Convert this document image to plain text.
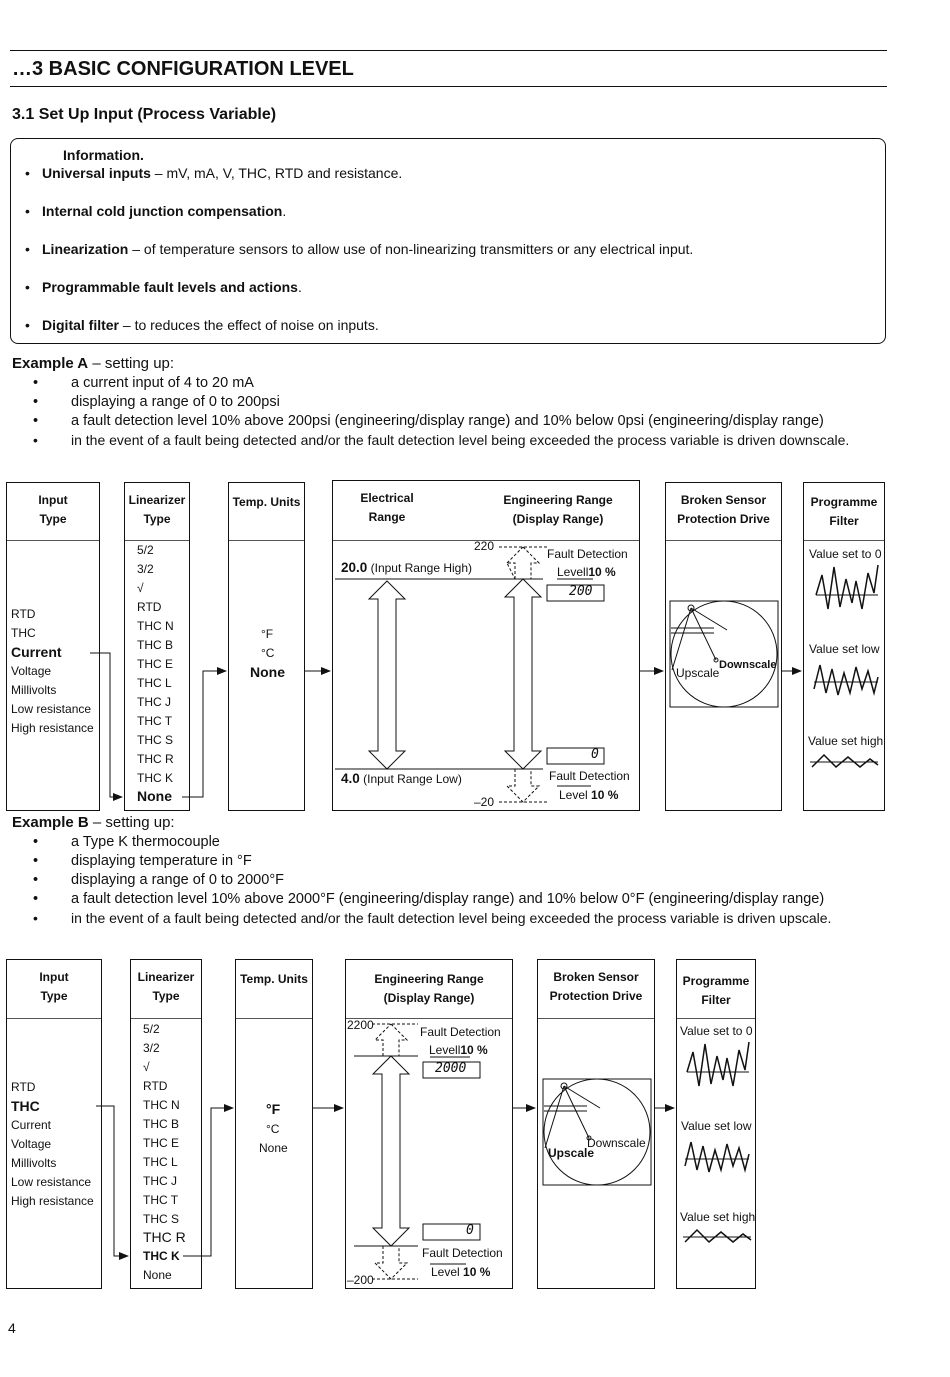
…3 BASIC CONFIGURATION LEVEL
3.1 Set Up Input (Process Variable)
Information.
• Universal inputs – mV, mA, V, THC, RTD and resistance.
• Internal cold junction compensation.
• Linearization – of temperature sensors to allow use of non-linearizing transmitters or any electrical input.
• Programmable fault levels and actions.
• Digital filter – to reduces the effect of noise on inputs.
Example A – setting up:
• a current input of 4 to 20 mA
• displaying a range of 0 to 200psi
• a fault detection level 10% above 200psi (engineering/display range) and 10% below 0psi (engineering/display range)
• in the event of a fault being detected and/or the fault detection level being exceeded the process variable is driven downscale.
Input
Type
RTD
THC
Current
Voltage
Millivolts
Low resistance
High resistance
Linearizer
Type
5/2
3/2
√
RTD
THC N
THC B
THC E
THC L
THC J
THC T
THC S
THC R
THC K
None
Temp. Units
°F
°C
None
Electrical
Range
Engineering Range
(Display Range)
220
20.0 (Input Range High)
Fault Detection
Levell10 %
200
0
4.0 (Input Range Low)	Fault Detection
Level 10 %
–20
Broken Sensor
Protection Drive
Upscale
Downscale
Programme
Filter
Value set to 0
Value set low
Value set high
Example B – setting up:
• a Type K thermocouple
• displaying temperature in °F
• displaying a range of 0 to 2000°F
• a fault detection level 10% above 2000°F (engineering/display range) and 10% below 0°F (engineering/display range)
• in the event of a fault being detected and/or the fault detection level being exceeded the process variable is driven upscale.
Input
Type
RTD
THC
Current
Voltage
Millivolts
Low resistance
High resistance
Linearizer
Type
5/2
3/2
√
RTD
THC N
THC B
THC E
THC L
THC J
THC T
THC S
THC R
THC K
None
Temp. Units
°F
°C
None
Engineering Range
(Display Range)
2200	Fault Detection
Levell10 %
2000
0
Fault Detection
Level 10 %
–200
Broken Sensor
Protection Drive
Upscale
Downscale
Programme
Filter
Value set to 0
Value set low
Value set high
4
